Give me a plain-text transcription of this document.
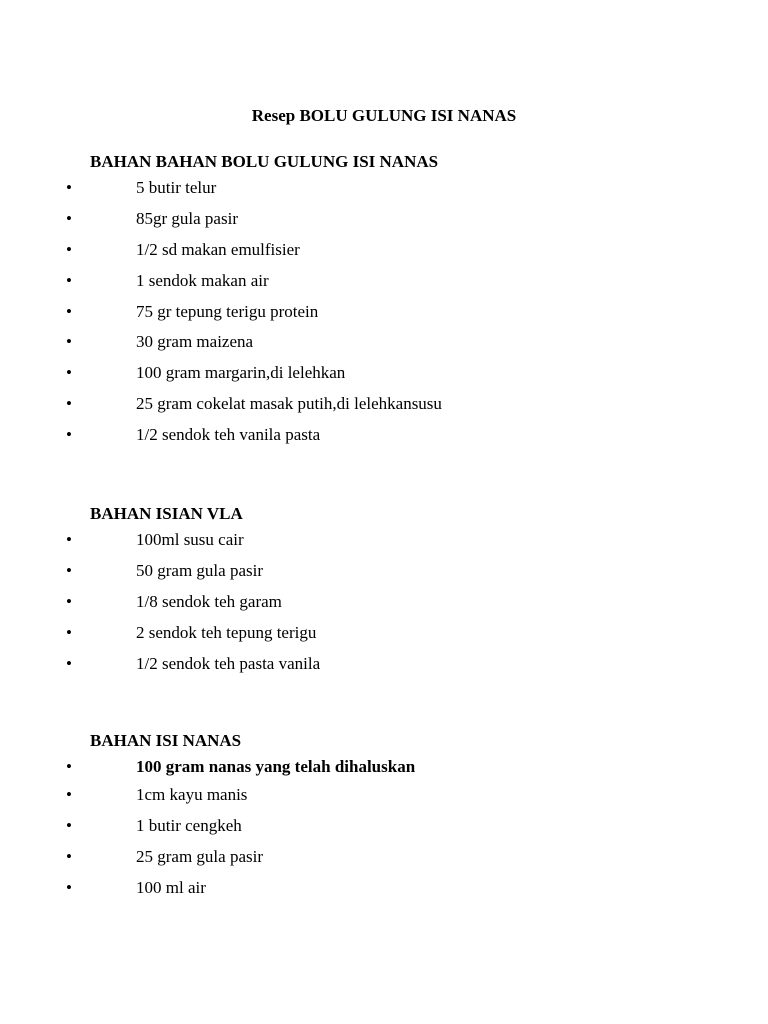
Resep BOLU GULUNG ISI NANAS
BAHAN BAHAN BOLU GULUNG ISI NANAS
•	5 butir telur
•	85gr gula pasir
•	1/2 sd makan emulfisier
•	1 sendok makan air
•	75 gr tepung terigu protein
•	30 gram maizena
•	100 gram margarin,di lelehkan
•	25 gram cokelat masak putih,di lelehkansusu
•	1/2 sendok teh vanila pasta
BAHAN ISIAN VLA
•	100ml susu cair
•	50 gram gula pasir
•	1/8 sendok teh garam
•	2 sendok teh tepung terigu
•	1/2 sendok teh pasta vanila
BAHAN ISI NANAS
•	100 gram nanas yang telah dihaluskan
•	1cm kayu manis
•	1 butir cengkeh
•	25 gram gula pasir
•	100 ml air
